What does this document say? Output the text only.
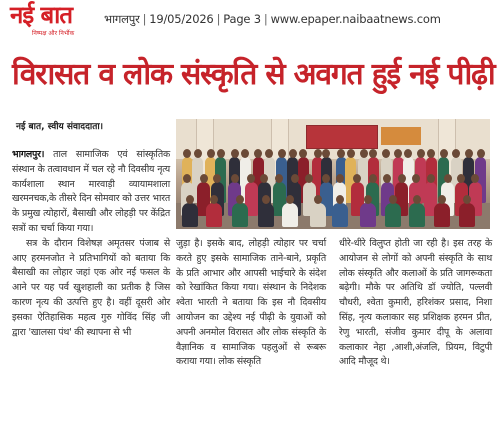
नई बात
निष्पक्ष और निर्भीक
भागलपुर | 19/05/2026 | Page 3 | www.epaper.naibaatnews.com
विरासत व लोक संस्कृति से अवगत हुई नई पीढ़ी
नई बात, स्वीय संवाददाता।

भागलपुर। ताल सामाजिक एवं सांस्कृतिक संस्थान के तत्वावधान में चल रहे नौ दिवसीय नृत्य कार्यशाला स्थान मारवाड़ी व्यायामशाला खरमनचक,के तीसरे दिन सोमवार को उत्तर भारत के प्रमुख त्योहारों, बैसाखी और लोहड़ी पर केंद्रित सत्रों का चर्चा किया गया।

सत्र के दौरान विशेषज्ञ अमृतसर पंजाब से आए हरमनजोत ने प्रतिभागियों को बताया कि बैसाखी का लोहार जहां एक ओर नई फसल के आने पर यह पर्व खुशहाली का प्रतीक है जिस कारण नृत्य की उत्पत्ति हुए है। वहीं दूसरी ओर इसका ऐतिहासिक महत्व गुरु गोविंद सिंह जी द्वारा 'खालसा पंथ' की स्थापना से भी

जुड़ा है। इसके बाद, लोहड़ी त्योहार पर चर्चा करते हुए इसके सामाजिक ताने-बाने, प्रकृति के प्रति आभार और आपसी भाईचारे के संदेश को रेखांकित किया गया। संस्थान के निदेशक श्वेता भारती ने बताया कि इस नौ दिवसीय आयोजन का उद्देश्य नई पीढ़ी के युवाओं को अपनी अनमोल विरासत और लोक संस्कृति के वैज्ञानिक व सामाजिक पहलुओं से रूबरू कराया गया। लोक संस्कृति

धीरे-धीरे विलुप्त होती जा रही है। इस तरह के आयोजन से लोगों को अपनी संस्कृति के साथ लोक संस्कृति और कलाओं के प्रति जागरूकता बढ़ेगी। मौके पर अतिथि डॉ ज्योति, पल्लवी चौधरी, श्वेता कुमारी, हरिशंकर प्रसाद, निशा सिंह, नृत्य कलाकार सह प्रशिक्षक हरमन प्रीत, रेणु भारती, संजीव कुमार दीपू के अलावा कलाकार नेहा ,आशी,अंजलि, प्रियम, विटुपी आदि मौजूद थे।
